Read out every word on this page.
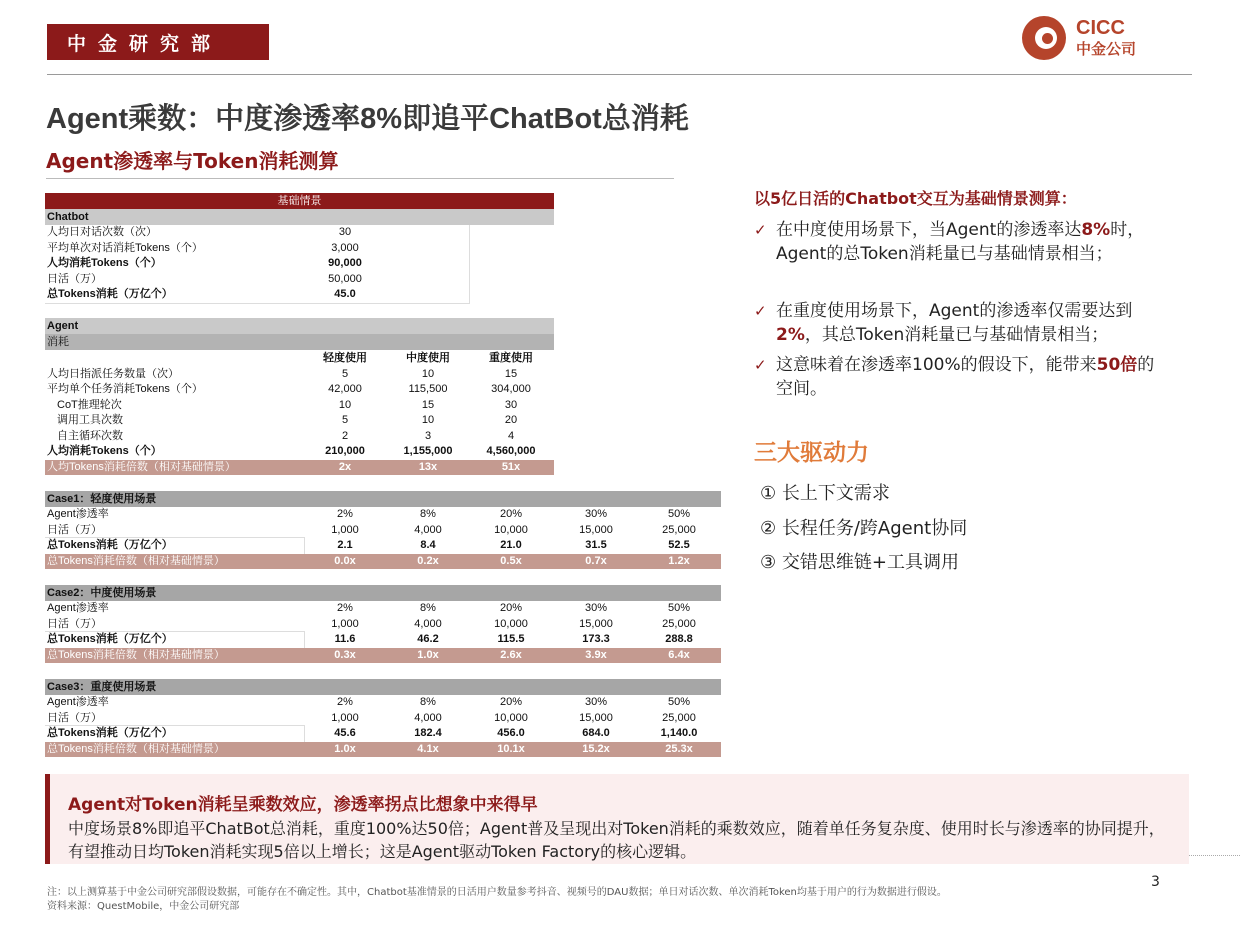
中金研究部
CICC
中金公司
Agent乘数：中度渗透率8%即追平ChatBot总消耗
Agent渗透率与Token消耗测算
基础情景
Chatbot
人均日对话次数（次）	30
平均单次对话消耗Tokens（个）	3,000
人均消耗Tokens（个）	90,000
日活（万）	50,000
总Tokens消耗（万亿个）	45.0
Agent
消耗
轻度使用	中度使用	重度使用
人均日指派任务数量（次）	5	10	15
平均单个任务消耗Tokens（个）	42,000	115,500	304,000
CoT推理轮次	10	15	30
调用工具次数	5	10	20
自主循环次数	2	3	4
人均消耗Tokens（个）	210,000	1,155,000	4,560,000
人均Tokens消耗倍数（相对基础情景）	2x	13x	51x
Case1：轻度使用场景
Agent渗透率	2%	8%	20%	30%	50%
日活（万）	1,000	4,000	10,000	15,000	25,000
总Tokens消耗（万亿个）	2.1	8.4	21.0	31.5	52.5
总Tokens消耗倍数（相对基础情景）	0.0x	0.2x	0.5x	0.7x	1.2x
Case2：中度使用场景
Agent渗透率	2%	8%	20%	30%	50%
日活（万）	1,000	4,000	10,000	15,000	25,000
总Tokens消耗（万亿个）	11.6	46.2	115.5	173.3	288.8
总Tokens消耗倍数（相对基础情景）	0.3x	1.0x	2.6x	3.9x	6.4x
Case3：重度使用场景
Agent渗透率	2%	8%	20%	30%	50%
日活（万）	1,000	4,000	10,000	15,000	25,000
总Tokens消耗（万亿个）	45.6	182.4	456.0	684.0	1,140.0
总Tokens消耗倍数（相对基础情景）	1.0x	4.1x	10.1x	15.2x	25.3x
以5亿日活的Chatbot交互为基础情景测算：
✓ 在中度使用场景下，当Agent的渗透率达8%时，Agent的总Token消耗量已与基础情景相当；
✓ 在重度使用场景下，Agent的渗透率仅需要达到2%，其总Token消耗量已与基础情景相当；
✓ 这意味着在渗透率100%的假设下，能带来50倍的空间。
三大驱动力
① 长上下文需求
② 长程任务/跨Agent协同
③ 交错思维链+工具调用
Agent对Token消耗呈乘数效应，渗透率拐点比想象中来得早
中度场景8%即追平ChatBot总消耗，重度100%达50倍；Agent普及呈现出对Token消耗的乘数效应，随着单任务复杂度、使用时长与渗透率的协同提升，有望推动日均Token消耗实现5倍以上增长；这是Agent驱动Token Factory的核心逻辑。
注：以上测算基于中金公司研究部假设数据，可能存在不确定性。其中，Chatbot基准情景的日活用户数量参考抖音、视频号的DAU数据；单日对话次数、单次消耗Token均基于用户的行为数据进行假设。
资料来源：QuestMobile，中金公司研究部
3
